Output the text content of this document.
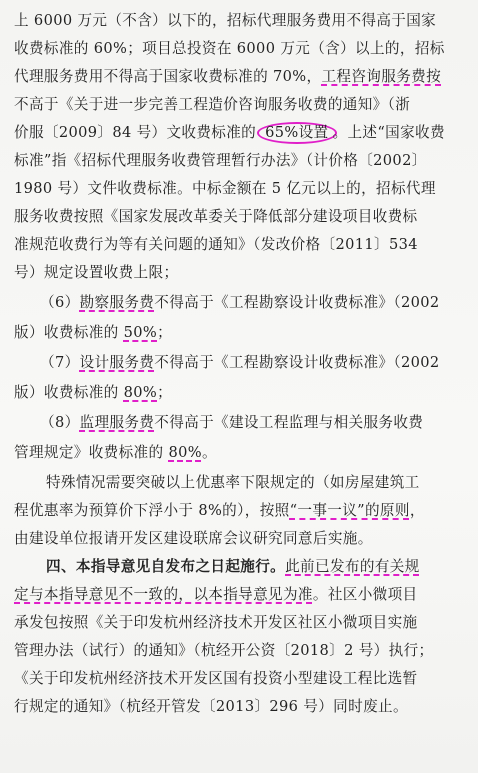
上 6000 万元（不含）以下的，招标代理服务费用不得高于国家
收费标准的 60%；项目总投资在 6000 万元（含）以上的，招标
代理服务费用不得高于国家收费标准的 70%，工程咨询服务费按
不高于《关于进一步完善工程造价咨询服务收费的通知》（浙
价服〔2009〕84 号）文收费标准的 65%设置 。上述“国家收费
标准”指《招标代理服务收费管理暂行办法》（计价格〔2002〕
1980 号）文件收费标准。中标金额在 5 亿元以上的，招标代理
服务收费按照《国家发展改革委关于降低部分建设项目收费标
准规范收费行为等有关问题的通知》（发改价格〔2011〕534
号）规定设置收费上限；
（6）勘察服务费不得高于《工程勘察设计收费标准》（2002
版）收费标准的 50%；
（7）设计服务费不得高于《工程勘察设计收费标准》（2002
版）收费标准的 80%；
（8）监理服务费不得高于《建设工程监理与相关服务收费
管理规定》收费标准的 80%。
特殊情况需要突破以上优惠率下限规定的（如房屋建筑工
程优惠率为预算价下浮小于 8%的），按照“一事一议”的原则，
由建设单位报请开发区建设联席会议研究同意后实施。
四、本指导意见自发布之日起施行。此前已发布的有关规
定与本指导意见不一致的，以本指导意见为准。社区小微项目
承发包按照《关于印发杭州经济技术开发区社区小微项目实施
管理办法（试行）的通知》（杭经开公资〔2018〕2 号）执行；
《关于印发杭州经济技术开发区国有投资小型建设工程比选暂
行规定的通知》（杭经开管发〔2013〕296 号）同时废止。
